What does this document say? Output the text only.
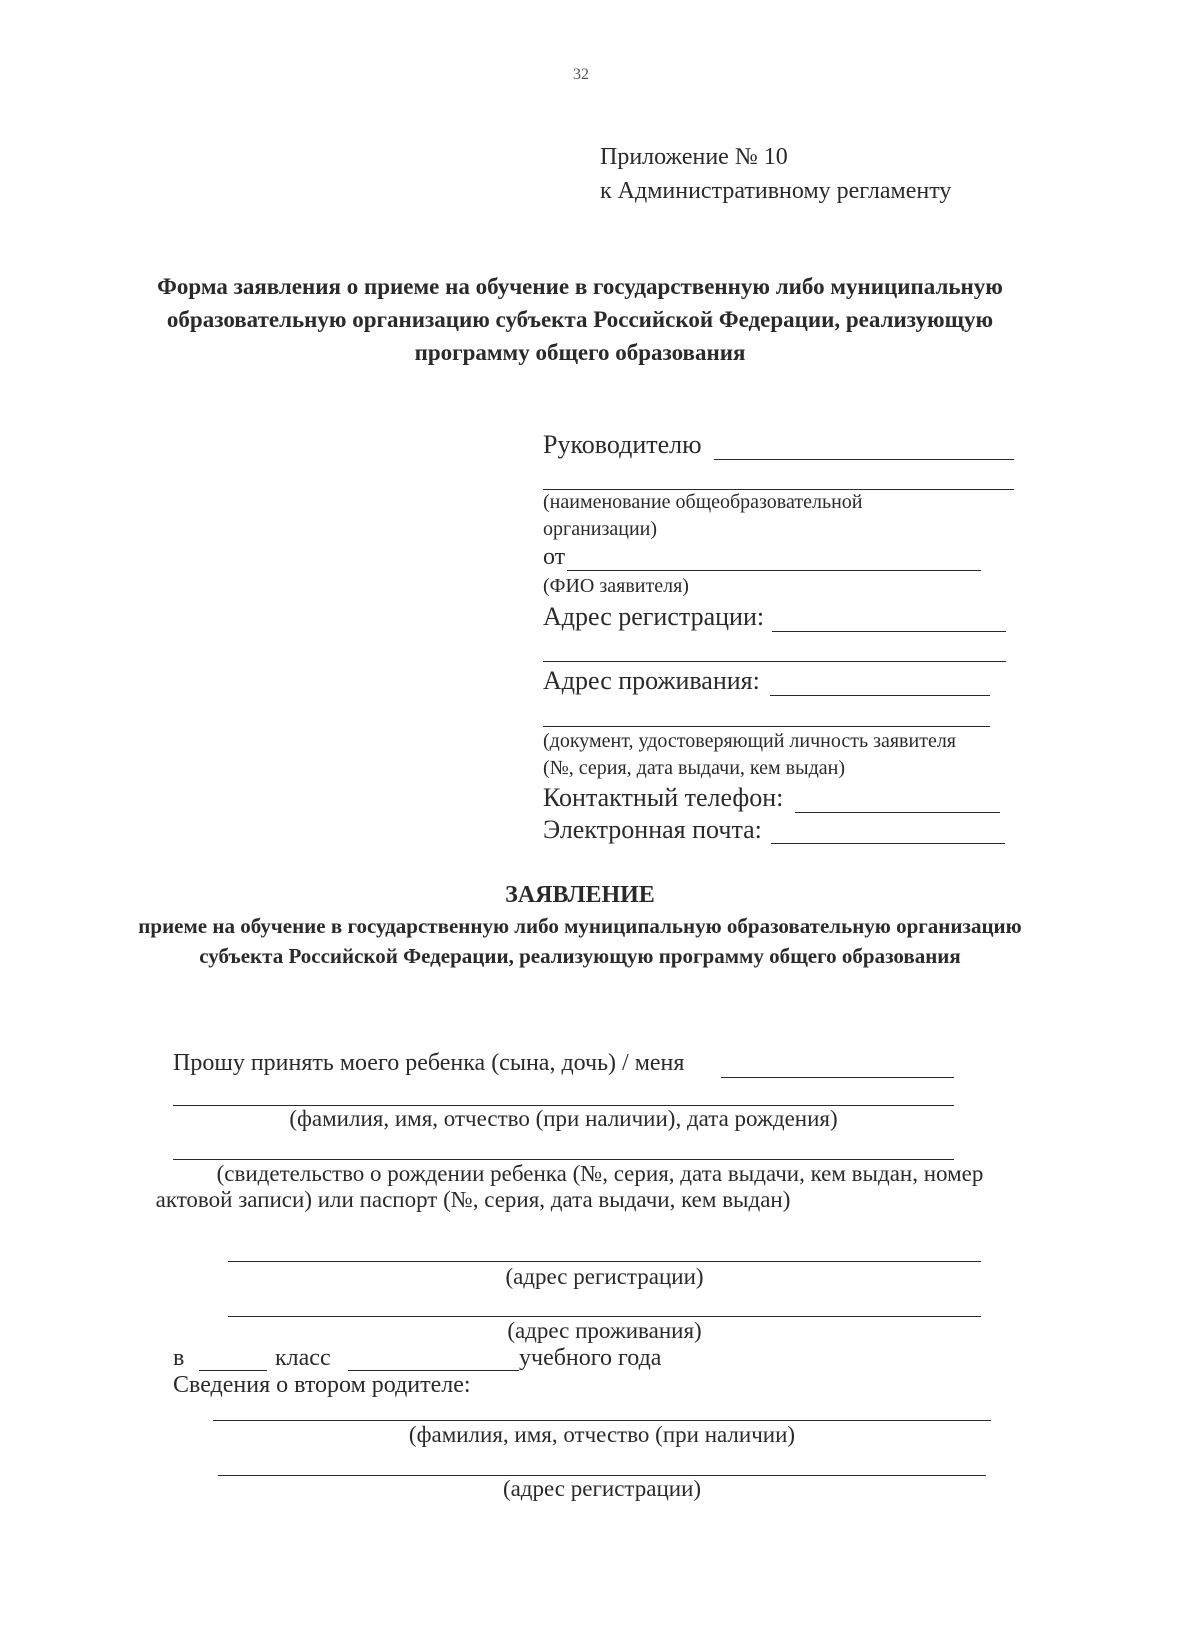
32
Приложение № 10
к Административному регламенту
Форма заявления о приеме на обучение в государственную либо муниципальную образовательную организацию субъекта Российской Федерации, реализующую программу общего образования
Руководителю
(наименование общеобразовательной
организации)
от
(ФИО заявителя)
Адрес регистрации:
Адрес проживания:
(документ, удостоверяющий личность заявителя
(№, серия, дата выдачи, кем выдан)
Контактный телефон:
Электронная почта:
ЗАЯВЛЕНИЕ
приеме на обучение в государственную либо муниципальную образовательную организацию субъекта Российской Федерации, реализующую программу общего образования
Прошу принять моего ребенка (сына, дочь) / меня
(фамилия, имя, отчество (при наличии), дата рождения)
(свидетельство о рождении ребенка (№, серия, дата выдачи, кем выдан, номер
актовой записи) или паспорт (№, серия, дата выдачи, кем выдан)
(адрес регистрации)
(адрес проживания)
в	класс	учебного года
Сведения о втором родителе:
(фамилия, имя, отчество (при наличии)
(адрес регистрации)
